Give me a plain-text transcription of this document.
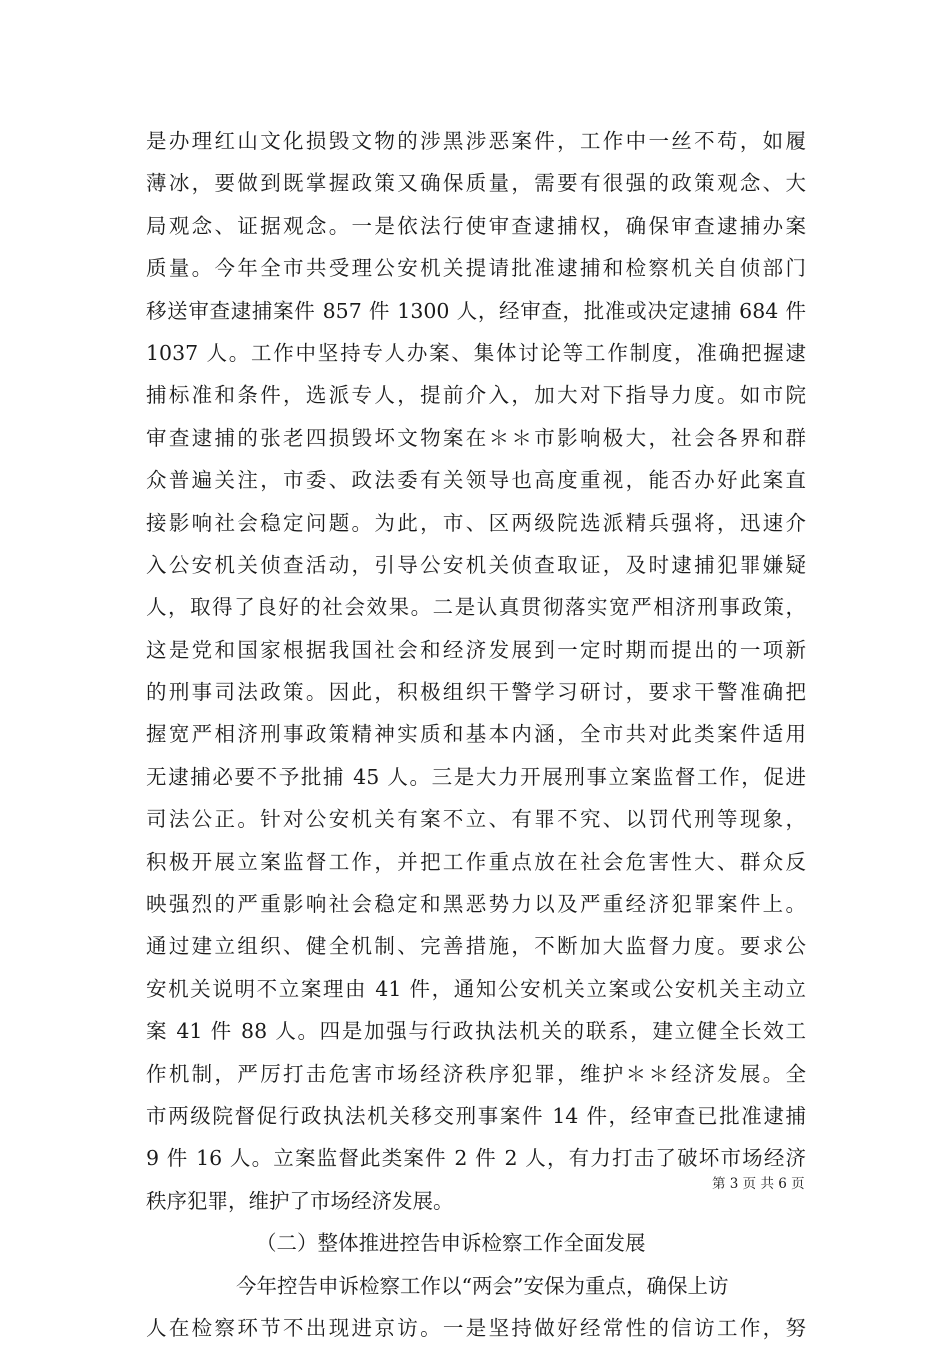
是办理红山文化损毁文物的涉黑涉恶案件，工作中一丝不苟，如履
薄冰，要做到既掌握政策又确保质量，需要有很强的政策观念、大
局观念、证据观念。一是依法行使审查逮捕权，确保审查逮捕办案
质量。今年全市共受理公安机关提请批准逮捕和检察机关自侦部门
移送审查逮捕案件 857 件 1300 人，经审查，批准或决定逮捕 684 件
1037 人。工作中坚持专人办案、集体讨论等工作制度，准确把握逮
捕标准和条件，选派专人，提前介入，加大对下指导力度。如市院
审查逮捕的张老四损毁坏文物案在＊＊市影响极大，社会各界和群
众普遍关注，市委、政法委有关领导也高度重视，能否办好此案直
接影响社会稳定问题。为此，市、区两级院选派精兵强将，迅速介
入公安机关侦查活动，引导公安机关侦查取证，及时逮捕犯罪嫌疑
人，取得了良好的社会效果。二是认真贯彻落实宽严相济刑事政策，
这是党和国家根据我国社会和经济发展到一定时期而提出的一项新
的刑事司法政策。因此，积极组织干警学习研讨，要求干警准确把
握宽严相济刑事政策精神实质和基本内涵，全市共对此类案件适用
无逮捕必要不予批捕 45 人。三是大力开展刑事立案监督工作，促进
司法公正。针对公安机关有案不立、有罪不究、以罚代刑等现象，
积极开展立案监督工作，并把工作重点放在社会危害性大、群众反
映强烈的严重影响社会稳定和黑恶势力以及严重经济犯罪案件上。
通过建立组织、健全机制、完善措施，不断加大监督力度。要求公
安机关说明不立案理由 41 件，通知公安机关立案或公安机关主动立
案 41 件 88 人。四是加强与行政执法机关的联系，建立健全长效工
作机制，严厉打击危害市场经济秩序犯罪，维护＊＊经济发展。全
市两级院督促行政执法机关移交刑事案件 14 件，经审查已批准逮捕
9 件 16 人。立案监督此类案件 2 件 2 人，有力打击了破坏市场经济
秩序犯罪，维护了市场经济发展。
（二）整体推进控告申诉检察工作全面发展
今年控告申诉检察工作以“两会”安保为重点，确保上访
人在检察环节不出现进京访。一是坚持做好经常性的信访工作，努
第 3 页 共 6 页
